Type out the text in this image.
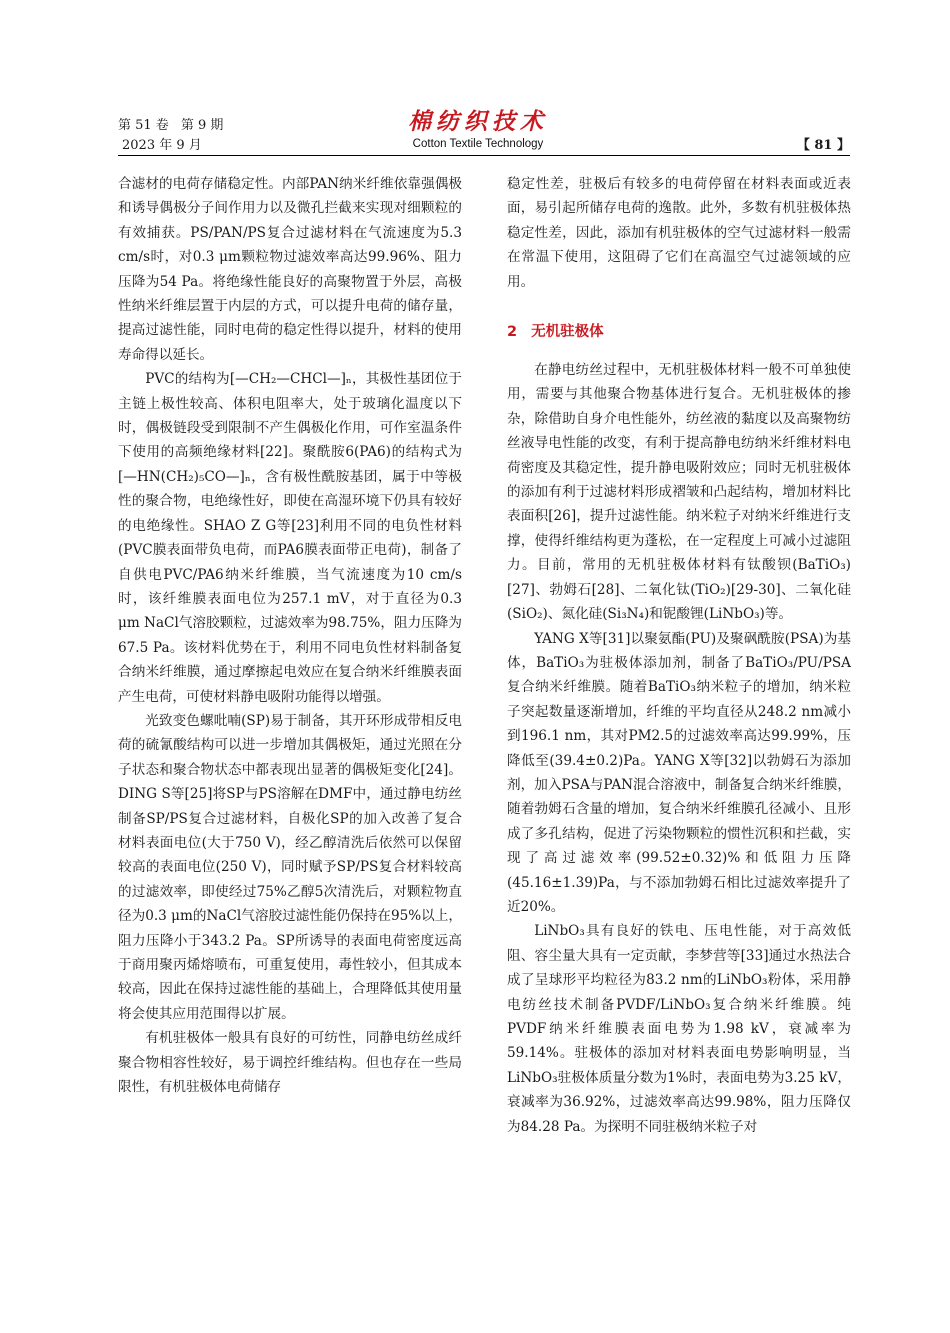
第 51 卷 第 9 期
2023 年 9 月
棉纺织技术
Cotton Textile Technology	【 81 】

合滤材的电荷存储稳定性。内部PAN纳米纤维依靠强偶极和诱导偶极分子间作用力以及微孔拦截来实现对细颗粒的有效捕获。PS/PAN/PS复合过滤材料在气流速度为5.3 cm/s时，对0.3 μm颗粒物过滤效率高达99.96%、阻力压降为54 Pa。将绝缘性能良好的高聚物置于外层，高极性纳米纤维层置于内层的方式，可以提升电荷的储存量，提高过滤性能，同时电荷的稳定性得以提升，材料的使用寿命得以延长。

PVC的结构为[—CH₂—CHCl—]ₙ，其极性基团位于主链上极性较高、体积电阻率大，处于玻璃化温度以下时，偶极链段受到限制不产生偶极化作用，可作室温条件下使用的高频绝缘材料[22]。聚酰胺6(PA6)的结构式为[—HN(CH₂)₅CO—]ₙ，含有极性酰胺基团，属于中等极性的聚合物，电绝缘性好，即使在高湿环境下仍具有较好的电绝缘性。SHAO Z G等[23]利用不同的电负性材料(PVC膜表面带负电荷，而PA6膜表面带正电荷)，制备了自供电PVC/PA6纳米纤维膜，当气流速度为10 cm/s时，该纤维膜表面电位为257.1 mV，对于直径为0.3 μm NaCl气溶胶颗粒，过滤效率为98.75%，阻力压降为67.5 Pa。该材料优势在于，利用不同电负性材料制备复合纳米纤维膜，通过摩擦起电效应在复合纳米纤维膜表面产生电荷，可使材料静电吸附功能得以增强。

光致变色螺吡喃(SP)易于制备，其开环形成带相反电荷的硫氰酸结构可以进一步增加其偶极矩，通过光照在分子状态和聚合物状态中都表现出显著的偶极矩变化[24]。DING S等[25]将SP与PS溶解在DMF中，通过静电纺丝制备SP/PS复合过滤材料，自极化SP的加入改善了复合材料表面电位(大于750 V)，经乙醇清洗后依然可以保留较高的表面电位(250 V)，同时赋予SP/PS复合材料较高的过滤效率，即使经过75%乙醇5次清洗后，对颗粒物直径为0.3 μm的NaCl气溶胶过滤性能仍保持在95%以上，阻力压降小于343.2 Pa。SP所诱导的表面电荷密度远高于商用聚丙烯熔喷布，可重复使用，毒性较小，但其成本较高，因此在保持过滤性能的基础上，合理降低其使用量将会使其应用范围得以扩展。

有机驻极体一般具有良好的可纺性，同静电纺丝成纤聚合物相容性较好，易于调控纤维结构。但也存在一些局限性，有机驻极体电荷储存

稳定性差，驻极后有较多的电荷停留在材料表面或近表面，易引起所储存电荷的逸散。此外，多数有机驻极体热稳定性差，因此，添加有机驻极体的空气过滤材料一般需在常温下使用，这阻碍了它们在高温空气过滤领域的应用。

2 无机驻极体

在静电纺丝过程中，无机驻极体材料一般不可单独使用，需要与其他聚合物基体进行复合。无机驻极体的掺杂，除借助自身介电性能外，纺丝液的黏度以及高聚物纺丝液导电性能的改变，有利于提高静电纺纳米纤维材料电荷密度及其稳定性，提升静电吸附效应；同时无机驻极体的添加有利于过滤材料形成褶皱和凸起结构，增加材料比表面积[26]，提升过滤性能。纳米粒子对纳米纤维进行支撑，使得纤维结构更为蓬松，在一定程度上可减小过滤阻力。目前，常用的无机驻极体材料有钛酸钡(BaTiO₃)[27]、勃姆石[28]、二氧化钛(TiO₂)[29-30]、二氧化硅(SiO₂)、氮化硅(Si₃N₄)和铌酸锂(LiNbO₃)等。

YANG X等[31]以聚氨酯(PU)及聚砜酰胺(PSA)为基体，BaTiO₃为驻极体添加剂，制备了BaTiO₃/PU/PSA复合纳米纤维膜。随着BaTiO₃纳米粒子的增加，纳米粒子突起数量逐渐增加，纤维的平均直径从248.2 nm减小到196.1 nm，其对PM2.5的过滤效率高达99.99%，压降低至(39.4±0.2)Pa。YANG X等[32]以勃姆石为添加剂，加入PSA与PAN混合溶液中，制备复合纳米纤维膜，随着勃姆石含量的增加，复合纳米纤维膜孔径减小、且形成了多孔结构，促进了污染物颗粒的惯性沉积和拦截，实现了高过滤效率(99.52±0.32)%和低阻力压降(45.16±1.39)Pa，与不添加勃姆石相比过滤效率提升了近20%。

LiNbO₃具有良好的铁电、压电性能，对于高效低阻、容尘量大具有一定贡献，李梦营等[33]通过水热法合成了呈球形平均粒径为83.2 nm的LiNbO₃粉体，采用静电纺丝技术制备PVDF/LiNbO₃复合纳米纤维膜。纯PVDF纳米纤维膜表面电势为1.98 kV，衰减率为59.14%。驻极体的添加对材料表面电势影响明显，当LiNbO₃驻极体质量分数为1%时，表面电势为3.25 kV，衰减率为36.92%，过滤效率高达99.98%，阻力压降仅为84.28 Pa。为探明不同驻极纳米粒子对
